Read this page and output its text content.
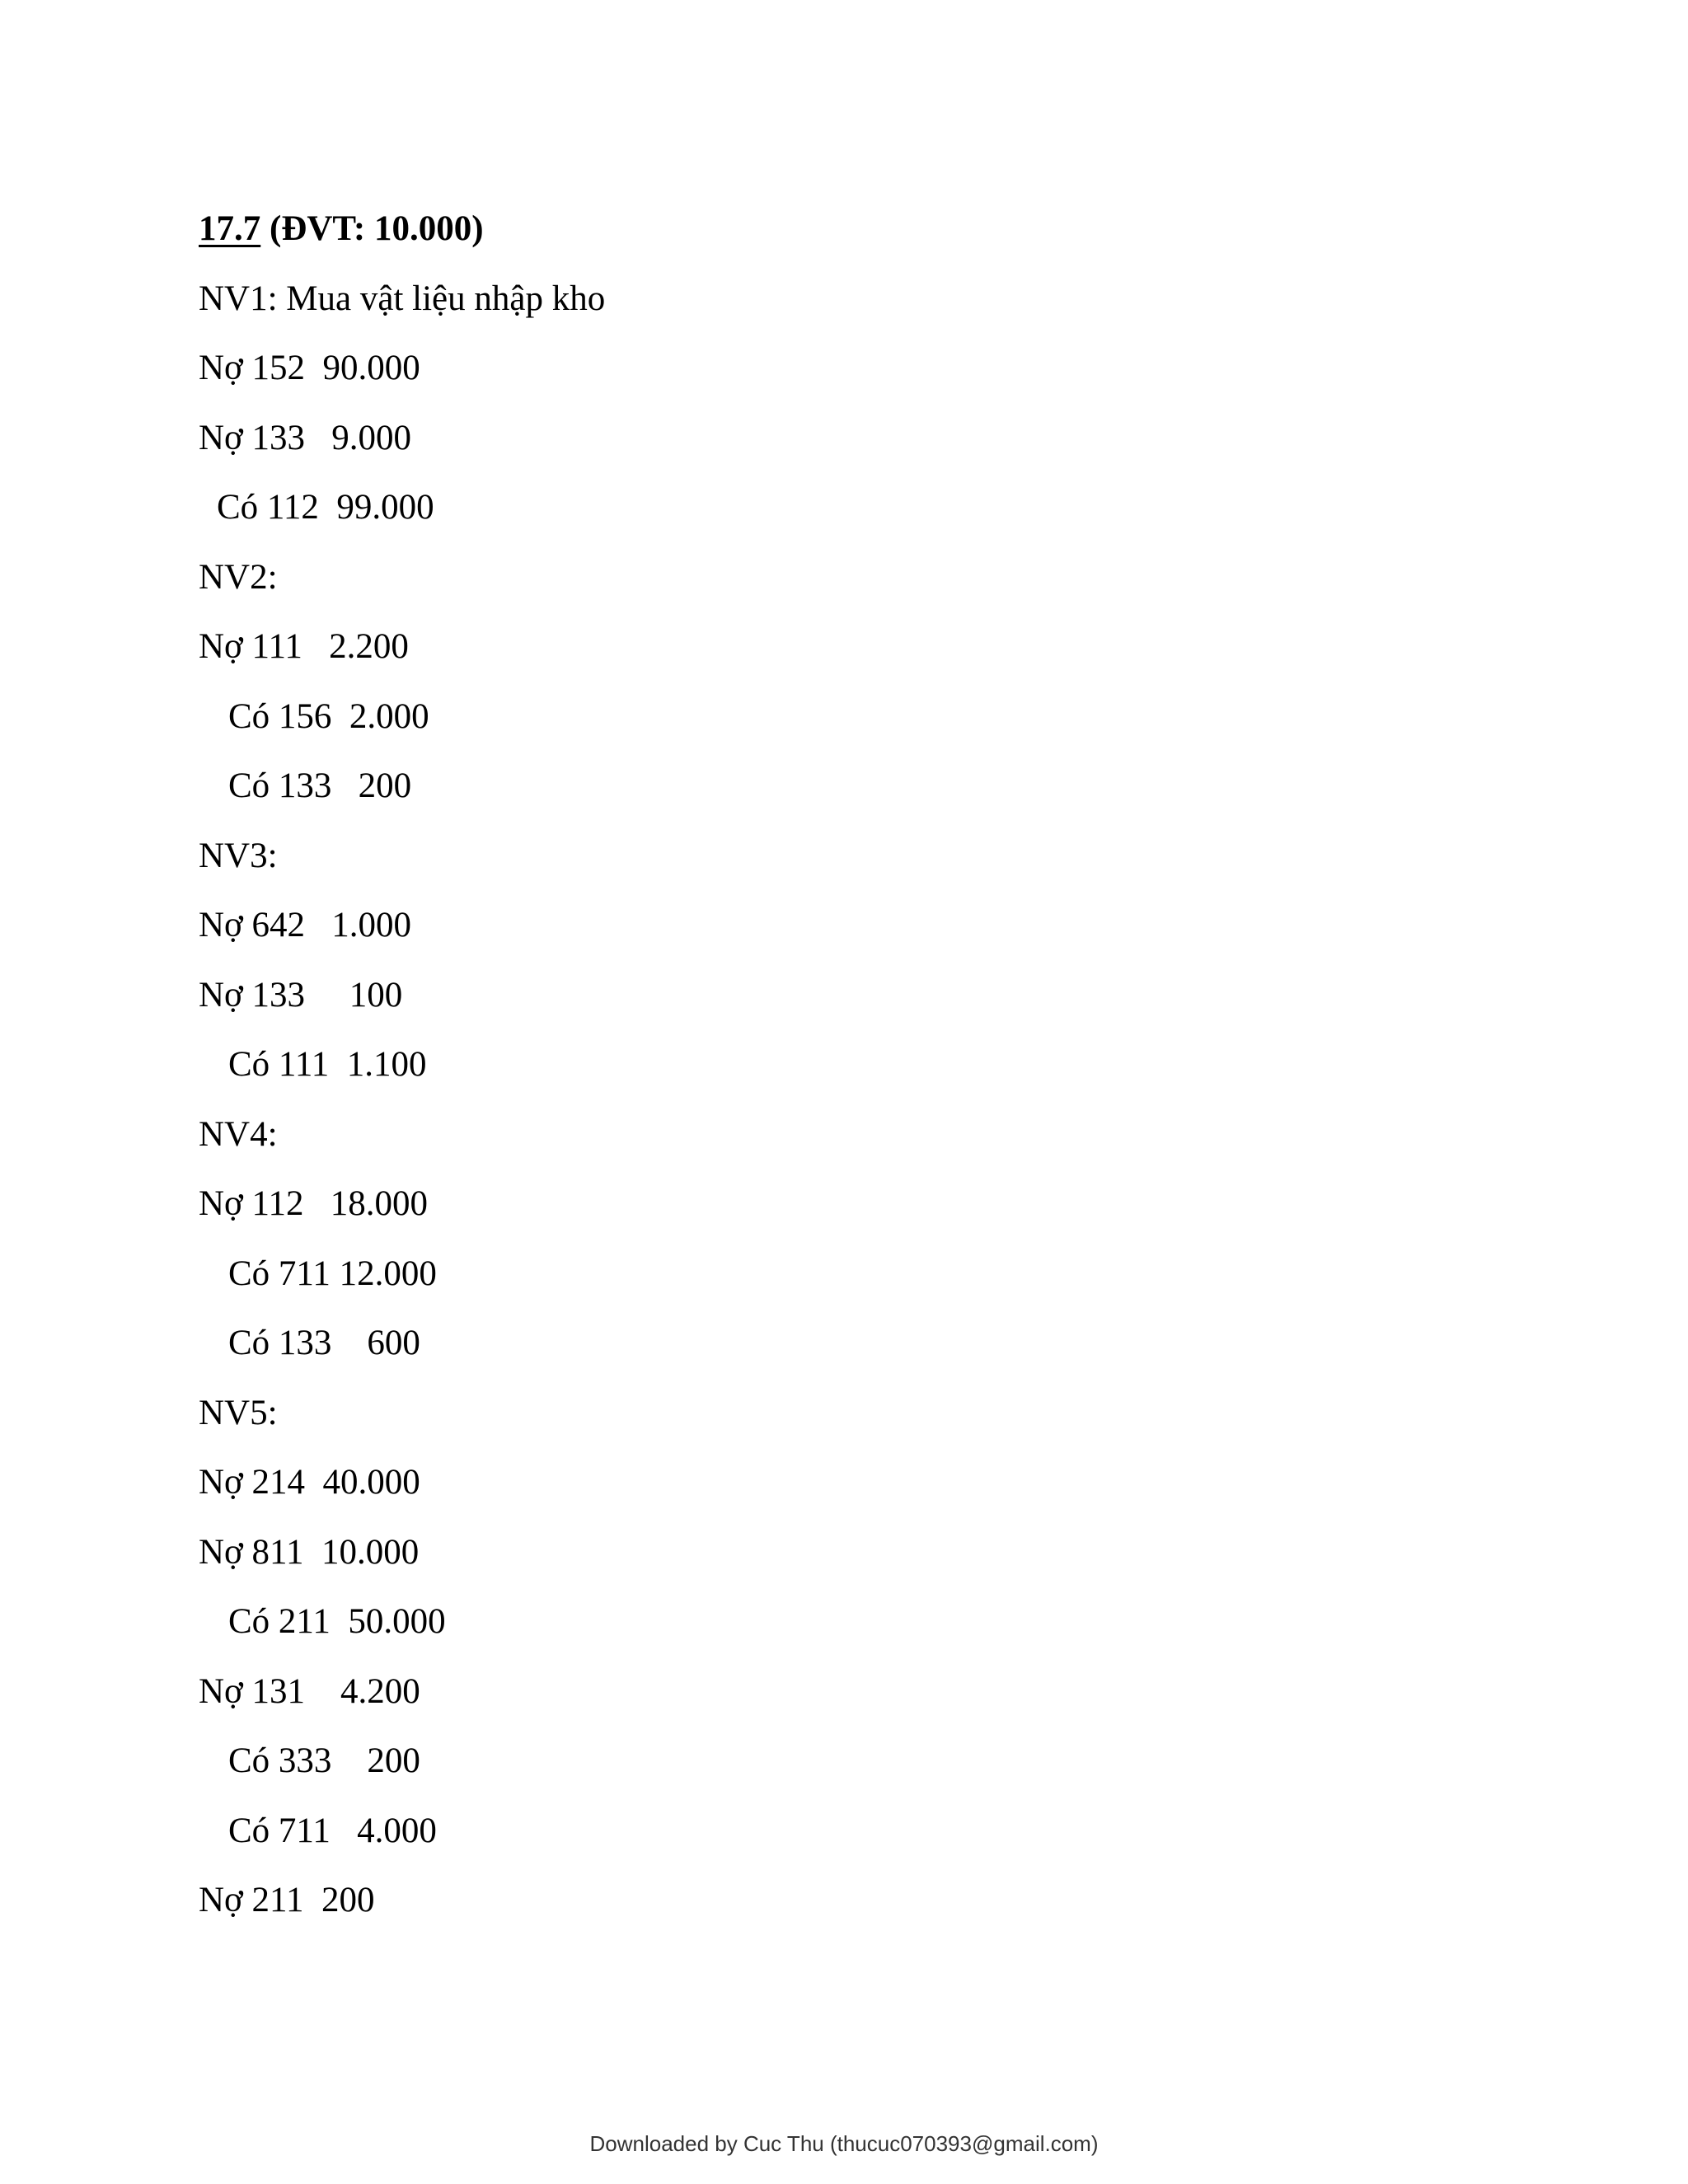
17.7 (ĐVT: 10.000)
NV1: Mua vật liệu nhập kho
Nợ 152  90.000
Nợ 133   9.000
Có 112  99.000
NV2:
Nợ 111   2.200
Có 156  2.000
Có 133   200
NV3:
Nợ 642   1.000
Nợ 133     100
Có 111  1.100
NV4:
Nợ 112   18.000
Có 711 12.000
Có 133    600
NV5:
Nợ 214  40.000
Nợ 811  10.000
Có 211  50.000
Nợ 131    4.200
Có 333    200
Có 711   4.000
Nợ 211  200
Downloaded by Cuc Thu (thucuc070393@gmail.com)
